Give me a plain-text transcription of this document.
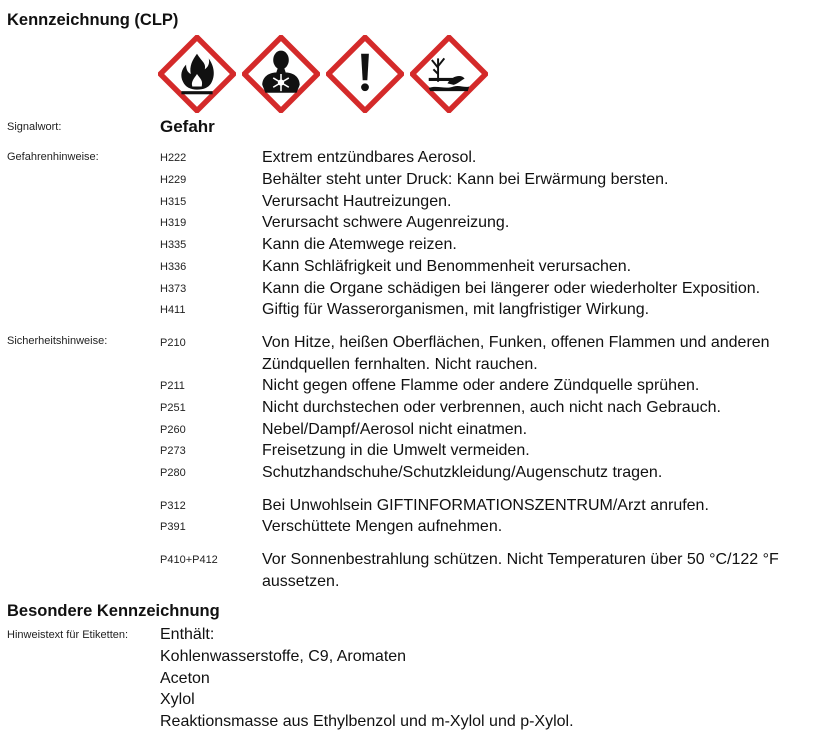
Kennzeichnung (CLP)
Signalwort:	Gefahr
Gefahrenhinweise:	H222	Extrem entzündbares Aerosol.
H229	Behälter steht unter Druck: Kann bei Erwärmung bersten.
H315	Verursacht Hautreizungen.
H319	Verursacht schwere Augenreizung.
H335	Kann die Atemwege reizen.
H336	Kann Schläfrigkeit und Benommenheit verursachen.
H373	Kann die Organe schädigen bei längerer oder wiederholter Exposition.
H411	Giftig für Wasserorganismen, mit langfristiger Wirkung.
Sicherheitshinweise:	P210	Von Hitze, heißen Oberflächen, Funken, offenen Flammen und anderen
Zündquellen fernhalten. Nicht rauchen.
P211	Nicht gegen offene Flamme oder andere Zündquelle sprühen.
P251	Nicht durchstechen oder verbrennen, auch nicht nach Gebrauch.
P260	Nebel/Dampf/Aerosol nicht einatmen.
P273	Freisetzung in die Umwelt vermeiden.
P280	Schutzhandschuhe/Schutzkleidung/Augenschutz tragen.
P312	Bei Unwohlsein GIFTINFORMATIONSZENTRUM/Arzt anrufen.
P391	Verschüttete Mengen aufnehmen.
P410+P412	Vor Sonnenbestrahlung schützen. Nicht Temperaturen über 50 °C/122 °F
aussetzen.
Besondere Kennzeichnung
Hinweistext für Etiketten: Enthält:
Kohlenwasserstoffe, C9, Aromaten
Aceton
Xylol
Reaktionsmasse aus Ethylbenzol und m-Xylol und p-Xylol.
